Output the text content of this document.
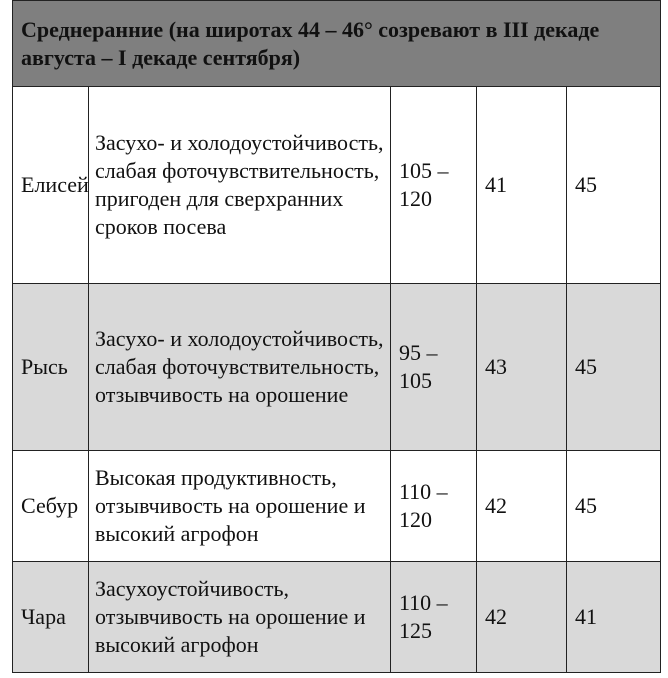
Среднеранние (на широтах 44 – 46° созревают в III декаде августа – I декаде сентября)				
Елисей	Засухо- и холодоустойчивость, слабая фоточувствительность, пригоден для сверхранних сроков посева	105 – 120	41	45
Рысь	Засухо- и холодоустойчивость, слабая фоточувствительность, отзывчивость на орошение	95 – 105	43	45
Себур	Высокая продуктивность, отзывчивость на орошение и высокий агрофон	110 – 120	42	45
Чара	Засухоустойчивость, отзывчивость на орошение и высокий агрофон	110 – 125	42	41
